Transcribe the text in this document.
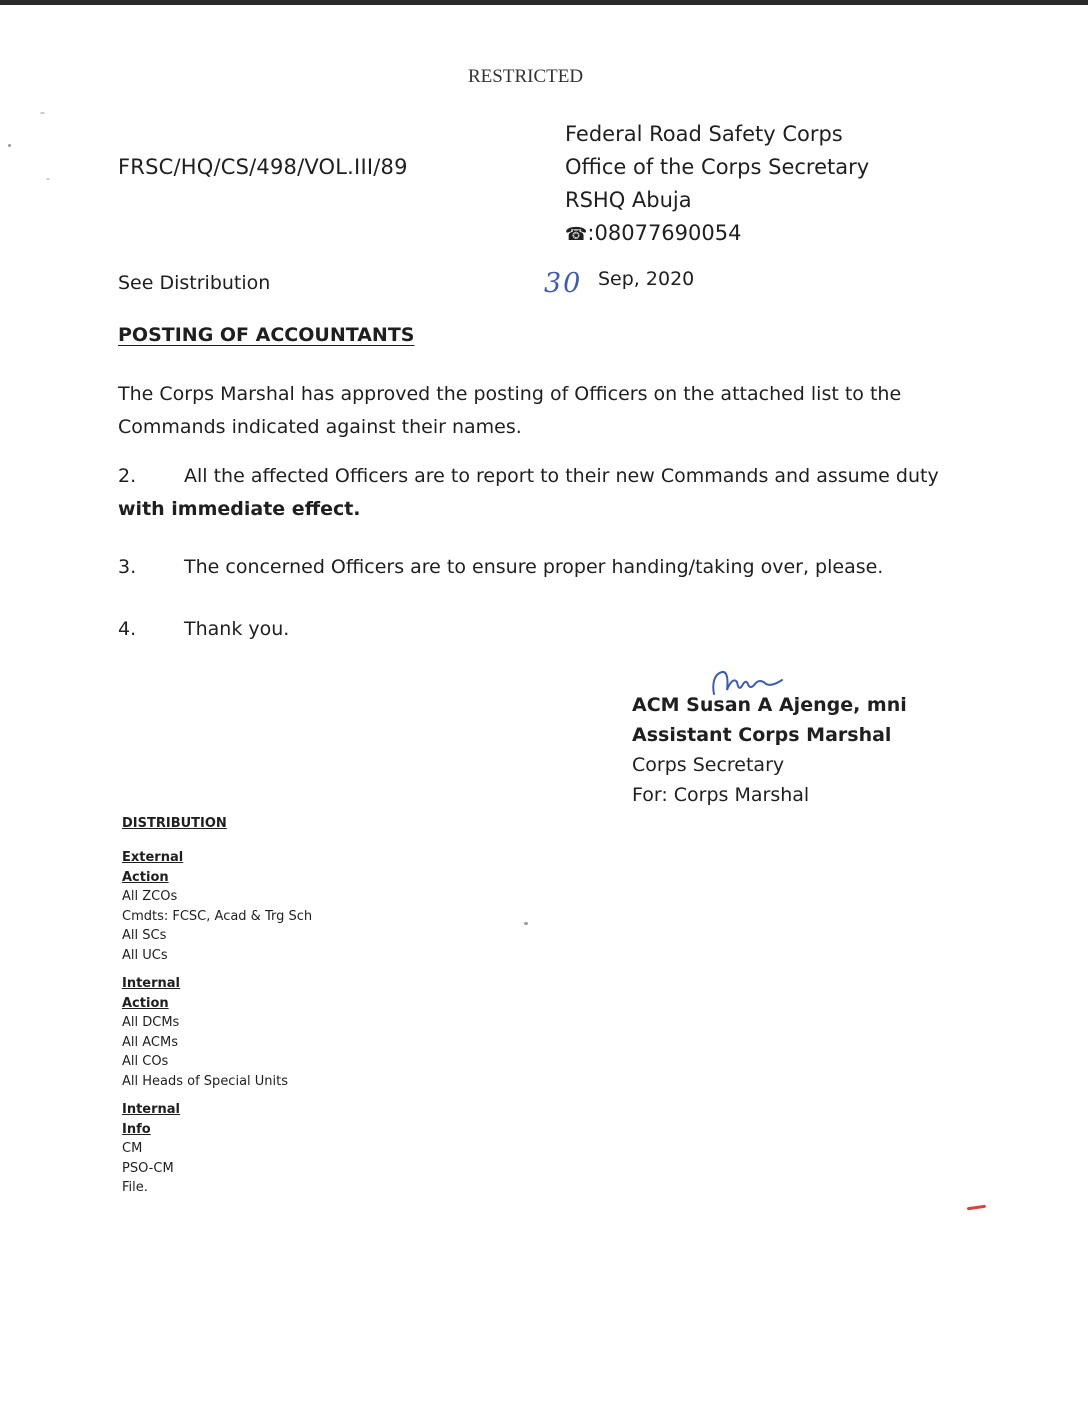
RESTRICTED
FRSC/HQ/CS/498/VOL.III/89
Federal Road Safety Corps
Office of the Corps Secretary
RSHQ Abuja
☎:08077690054
See Distribution	30 Sep, 2020
POSTING OF ACCOUNTANTS
The Corps Marshal has approved the posting of Officers on the attached list to the Commands indicated against their names.
2.	All the affected Officers are to report to their new Commands and assume duty with immediate effect.
3.	The concerned Officers are to ensure proper handing/taking over, please.
4.	Thank you.
ACM Susan A Ajenge, mni
Assistant Corps Marshal
Corps Secretary
For: Corps Marshal
DISTRIBUTION
External
Action
All ZCOs
Cmdts: FCSC, Acad & Trg Sch
All SCs
All UCs
Internal
Action
All DCMs
All ACMs
All COs
All Heads of Special Units
Internal
Info
CM
PSO-CM
File.
